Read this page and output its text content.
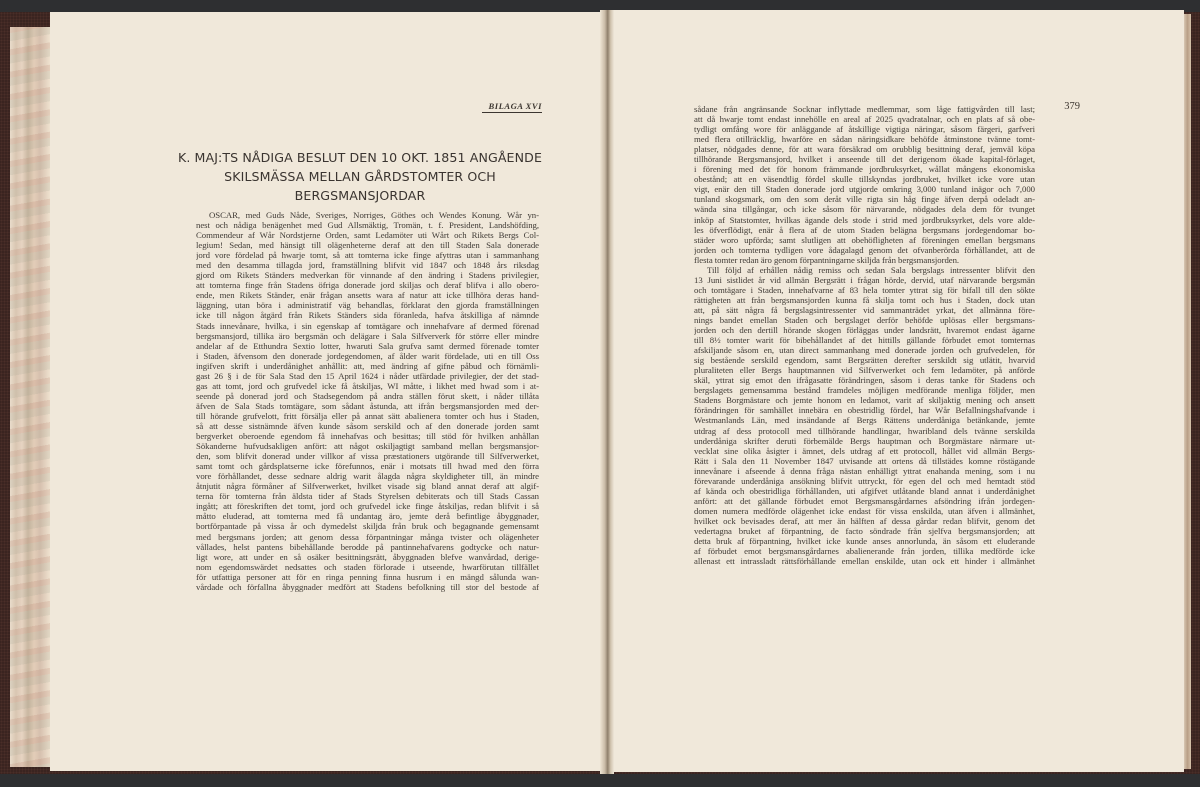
BILAGA XVI	379
K. MAJ:TS NÅDIGA BESLUT DEN 10 OKT. 1851 ANGÅENDE
SKILSMÄSSA MELLAN GÅRDSTOMTER OCH
BERGSMANSJORDAR
OSCAR, med Guds Nåde, Sveriges, Norriges, Göthes och Wendes Konung. Wår yn-
nest och nådiga benägenhet med Gud Allsmäktig, Tromän, t. f. President, Landshöfding,
Commendeur af Wår Nordstjerne Orden, samt Ledamöter uti Wårt och Rikets Bergs Col-
legium! Sedan, med hänsigt till olägenheterne deraf att den till Staden Sala donerade
jord vore fördelad på hwarje tomt, så att tomterna icke finge afyttras utan i sammanhang
med den desamma tillagda jord, framställning blifvit vid 1847 och 1848 års riksdag
gjord om Rikets Ständers medverkan för vinnande af den ändring i Stadens privilegier,
att tomterna finge från Stadens öfriga donerade jord skiljas och deraf blifva i allo obero-
ende, men Rikets Ständer, enär frågan ansetts wara af natur att icke tillhöra deras hand-
läggning, utan böra i administratif väg behandlas, förklarat den gjorda framställningen
icke till någon åtgärd från Rikets Ständers sida föranleda, hafva åtskilliga af nämnde
Stads innevånare, hvilka, i sin egenskap af tomtägare och innehafvare af dermed förenad
bergsmansjord, tillika äro bergsmän och delägare i Sala Silfververk för större eller mindre
andelar af de Etthundra Sextio lotter, hwaruti Sala grufva samt dermed förenade tomter
i Staden, äfvensom den donerade jordegendomen, af ålder warit fördelade, uti en till Oss
ingifven skrift i underdånighet anhållit: att, med ändring af gifne påbud och förnämli-
gast 26 § i de för Sala Stad den 15 April 1624 i nåder utfärdade privilegier, der det stad-
gas att tomt, jord och grufvedel icke få åtskiljas, WI måtte, i likhet med hwad som i at-
seende på donerad jord och Stadsegendom på andra ställen förut skett, i nåder tillåta
äfven de Sala Stads tomtägare, som sådant åstunda, att ifrån bergsmansjorden med der-
till hörande grufvelott, fritt försälja eller på annat sätt abalienera tomter och hus i Staden,
så att desse sistnämnde äfven kunde såsom serskild och af den donerade jorden samt
bergverket oberoende egendom få innehafvas och besittas; till stöd för hvilken anhållan
Sökanderne hufvudsakligen anfört: att något oskiljagtigt samband mellan bergsmansjor-
den, som blifvit donerad under villkor af vissa præstationers utgörande till Silfverwerket,
samt tomt och gårdsplatserne icke förefunnos, enär i motsats till hwad med den förra
vore förhållandet, desse sednare aldrig warit ålagda några skyldigheter till, än mindre
åtnjutit några förmåner af Silfverwerket, hvilket visade sig bland annat deraf att algif-
terna för tomterna från äldsta tider af Stads Styrelsen debiterats och till Stads Cassan
ingått; att föreskriften det tomt, jord och grufvedel icke finge åtskiljas, redan blifvit i så
måtto eluderad, att tomterna med få undantag äro, jemte derå befintlige åbyggnader,
bortförpantade på vissa år och dymedelst skiljda från bruk och begagnande gemensamt
med bergsmans jorden; att genom dessa förpantningar många tvister och olägenheter
vållades, helst pantens bibehållande berodde på pantinnehafvarens godtycke och natur-
ligt wore, att under en så osäker besittningsrätt, åbyggnaden blefve wanvårdad, derige-
nom egendomswärdet nedsattes och staden förlorade i utseende, hwarförutan tillfället
för utfattiga personer att för en ringa penning finna husrum i en mängd sålunda wan-
vårdade och förfallna åbyggnader medfört att Stadens befolkning till stor del bestode af
sådane från angränsande Socknar inflyttade medlemmar, som låge fattigvården till last;
att då hwarje tomt endast innehölle en areal af 2025 qvadratalnar, och en plats af så obe-
tydligt omfång wore för anläggande af åtskillige vigtiga näringar, såsom färgeri, garfveri
med flera otillräcklig, hwarföre en sådan näringsidkare behöfde åtminstone tvänne tomt-
platser, nödgades denne, för att wara försäkrad om orubblig besittning deraf, jemväl köpa
tillhörande Bergsmansjord, hvilket i anseende till det derigenom ökade kapital-förlaget,
i förening med det för honom främmande jordbruksyrket, wållat mångens ekonomiska
obestånd; att en väsendtlig fördel skulle tillskyndas jordbruket, hvilket icke vore utan
vigt, enär den till Staden donerade jord utgjorde omkring 3,000 tunland inägor och 7,000
tunland skogsmark, om den som deråt ville rigta sin håg finge äfven derpå odeladt an-
wända sina tillgångar, och icke såsom för närvarande, nödgades dela dem för tvunget
inköp af Statstomter, hvilkas ägande dels stode i strid med jordbruksyrket, dels vore alde-
les öfverflödigt, enär å flera af de utom Staden belägna bergsmans jordegendomar bo-
städer woro upförda; samt slutligen att obehöfligheten af föreningen emellan bergsmans
jorden och tomterna tydligen vore ådagalagd genom det ofvanberörda förhållandet, att de
flesta tomter redan äro genom förpantningarne skiljda från bergsmansjorden.
Till följd af erhållen nådig remiss och sedan Sala bergslags intressenter blifvit den
13 Juni sistlidet år vid allmän Bergsrätt i frågan hörde, dervid, utaf närvarande bergsmän
och tomtägare i Staden, innehafvarne af 83 hela tomter yttrat sig för bifall till den sökte
rättigheten att från bergsmansjorden kunna få skilja tomt och hus i Staden, dock utan
att, på sätt några få bergslagsintressenter vid sammanträdet yrkat, det allmänna före-
nings bandet emellan Staden och bergslaget derför behöfde uplösas eller bergsmans-
jorden och den dertill hörande skogen förläggas under landsrätt, hvaremot endast ägarne
till 8½ tomter warit för bibehållandet af det hittills gällande förbudet emot tomternas
afskiljande såsom en, utan direct sammanhang med donerade jorden och grufvedelen, för
sig bestående serskild egendom, samt Bergsrätten derefter serskildt sig utlätit, hvarvid
pluraliteten eller Bergs hauptmannen vid Silfverwerket och fem ledamöter, på anförde
skäl, yttrat sig emot den ifrågasatte förändringen, såsom i deras tanke för Stadens och
bergslagets gemensamma bestånd framdeles möjligen medförande menliga följder, men
Stadens Borgmästare och jemte honom en ledamot, varit af skiljaktig mening och ansett
förändringen för samhället innebära en obestridlig fördel, har Wår Befallningshafvande i
Westmanlands Län, med insändande af Bergs Rättens underdåniga betänkande, jemte
utdrag af dess protocoll med tillhörande handlingar, hwaribland dels tvänne serskilda
underdåniga skrifter deruti förbemälde Bergs hauptman och Borgmästare närmare ut-
vecklat sine olika åsigter i ämnet, dels utdrag af ett protocoll, hållet vid allmän Bergs-
Rätt i Sala den 11 November 1847 utvisande att ortens då tillstädes komne röstägande
innevånare i afseende å denna fråga nästan enhälligt yttrat enahanda mening, som i nu
förevarande underdåniga ansökning blifvit uttryckt, för egen del och med hemtadt stöd
af kända och obestridliga förhållanden, uti afgifvet utlåtande bland annat i underdånighet
anfört: att det gällande förbudet emot Bergsmansgårdarnes afsöndring ifrån jordegen-
domen numera medförde olägenhet icke endast för vissa enskilda, utan äfven i allmänhet,
hvilket ock bevisades deraf, att mer än hälften af dessa gårdar redan blifvit, genom det
vedertagna bruket af förpantning, de facto söndrade från sjelfva bergsmansjorden; att
detta bruk af förpantning, hvilket icke kunde anses annorlunda, än såsom ett eluderande
af förbudet emot bergsmansgårdarnes abalienerande från jorden, tillika medförde icke
allenast ett intrassladt rättsförhållande emellan enskilde, utan ock ett hinder i allmänhet
